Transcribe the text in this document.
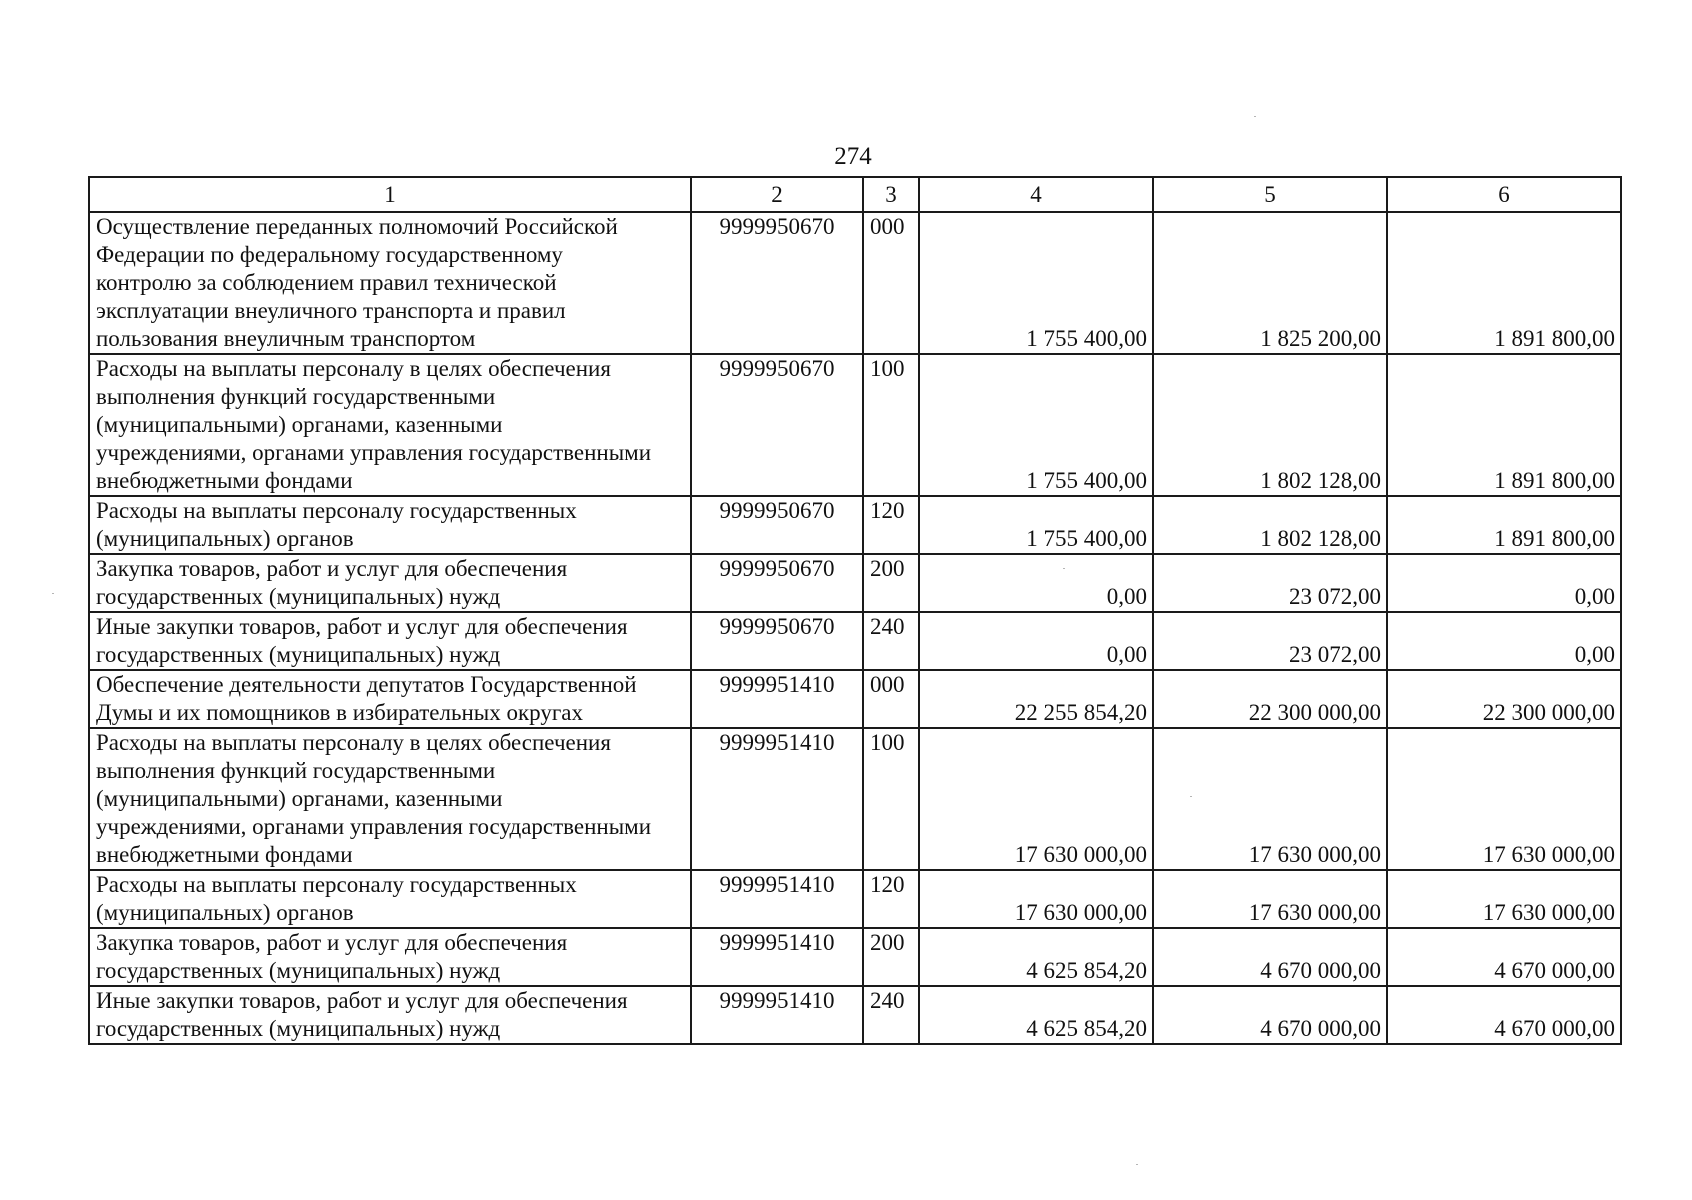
274
1	2	3	4	5	6

Осуществление переданных полномочий Российской
Федерации по федеральному государственному
контролю за соблюдением правил технической
эксплуатации внеуличного транспорта и правил
пользования внеуличным транспортом	9999950670	000	1 755 400,00	1 825 200,00	1 891 800,00

Расходы на выплаты персоналу в целях обеспечения
выполнения функций государственными
(муниципальными) органами, казенными
учреждениями, органами управления государственными
внебюджетными фондами	9999950670	100	1 755 400,00	1 802 128,00	1 891 800,00

Расходы на выплаты персоналу государственных
(муниципальных) органов	9999950670	120	1 755 400,00	1 802 128,00	1 891 800,00

Закупка товаров, работ и услуг для обеспечения
государственных (муниципальных) нужд	9999950670	200	0,00	23 072,00	0,00

Иные закупки товаров, работ и услуг для обеспечения
государственных (муниципальных) нужд	9999950670	240	0,00	23 072,00	0,00

Обеспечение деятельности депутатов Государственной
Думы и их помощников в избирательных округах	9999951410	000	22 255 854,20	22 300 000,00	22 300 000,00

Расходы на выплаты персоналу в целях обеспечения
выполнения функций государственными
(муниципальными) органами, казенными
учреждениями, органами управления государственными
внебюджетными фондами	9999951410	100	17 630 000,00	17 630 000,00	17 630 000,00

Расходы на выплаты персоналу государственных
(муниципальных) органов	9999951410	120	17 630 000,00	17 630 000,00	17 630 000,00

Закупка товаров, работ и услуг для обеспечения
государственных (муниципальных) нужд	9999951410	200	4 625 854,20	4 670 000,00	4 670 000,00

Иные закупки товаров, работ и услуг для обеспечения
государственных (муниципальных) нужд	9999951410	240	4 625 854,20	4 670 000,00	4 670 000,00
